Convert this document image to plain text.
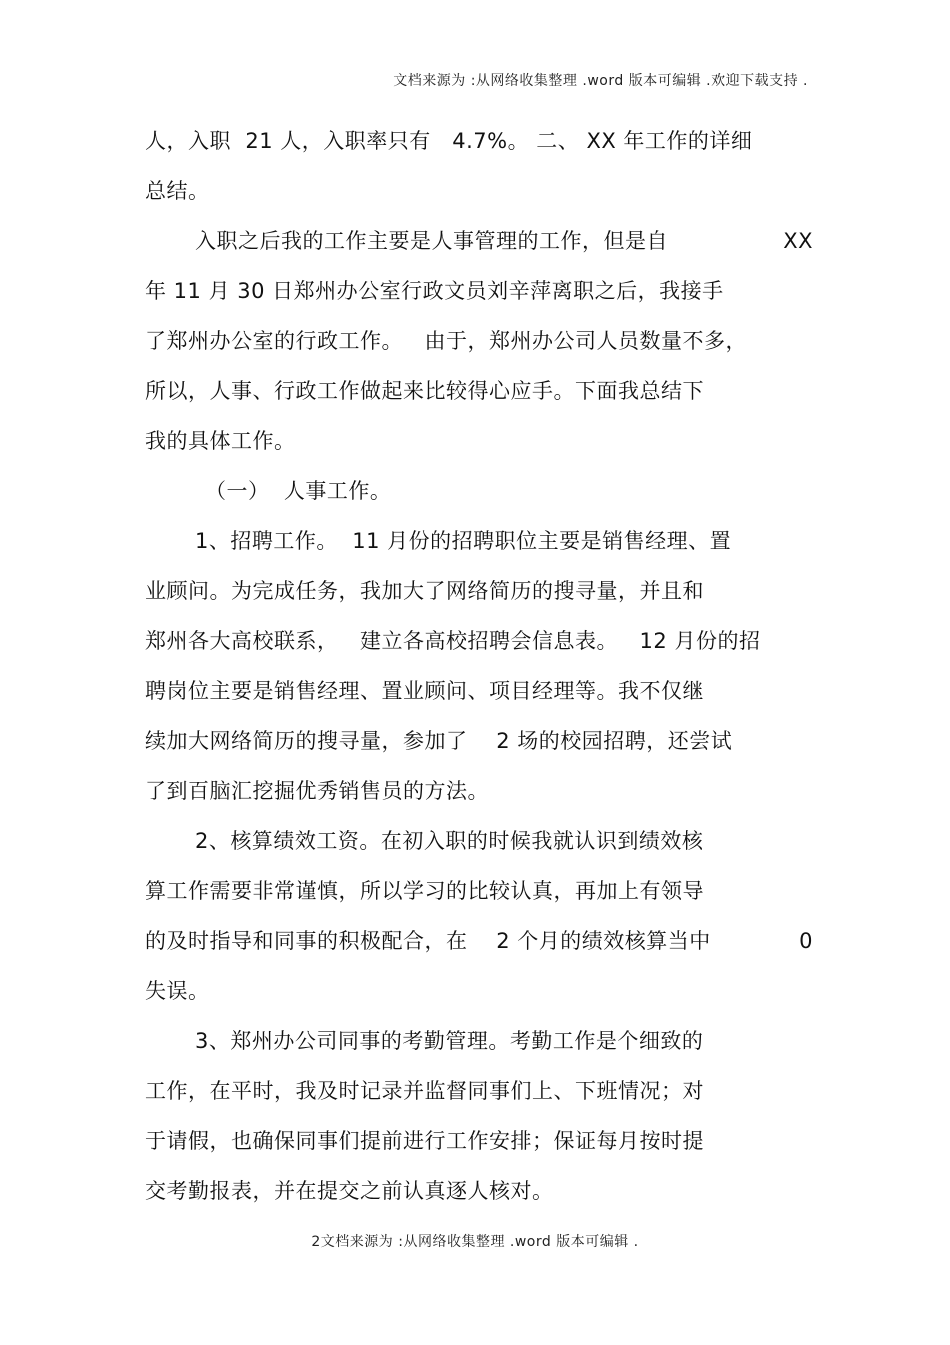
文档来源为 :从网络收集整理 .word 版本可编辑 .欢迎下载支持 .
人，入职  21 人，入职率只有   4.7%。 二、 XX 年工作的详细
总结。
入职之后我的工作主要是人事管理的工作，但是自	XX
年 11 月 30 日郑州办公室行政文员刘辛萍离职之后，我接手
了郑州办公室的行政工作。   由于，郑州办公司人员数量不多，
所以，人事、行政工作做起来比较得心应手。下面我总结下
我的具体工作。
（一）  人事工作。
1、招聘工作。  11 月份的招聘职位主要是销售经理、置
业顾问。为完成任务，我加大了网络简历的搜寻量，并且和
郑州各大高校联系，   建立各高校招聘会信息表。   12 月份的招
聘岗位主要是销售经理、置业顾问、项目经理等。我不仅继
续加大网络简历的搜寻量，参加了    2 场的校园招聘，还尝试
了到百脑汇挖掘优秀销售员的方法。
2、核算绩效工资。在初入职的时候我就认识到绩效核
算工作需要非常谨慎，所以学习的比较认真，再加上有领导
的及时指导和同事的积极配合，在    2 个月的绩效核算当中	0
失误。
3、郑州办公司同事的考勤管理。考勤工作是个细致的
工作，在平时，我及时记录并监督同事们上、下班情况；对
于请假，也确保同事们提前进行工作安排；保证每月按时提
交考勤报表，并在提交之前认真逐人核对。
2文档来源为 :从网络收集整理 .word 版本可编辑 .
